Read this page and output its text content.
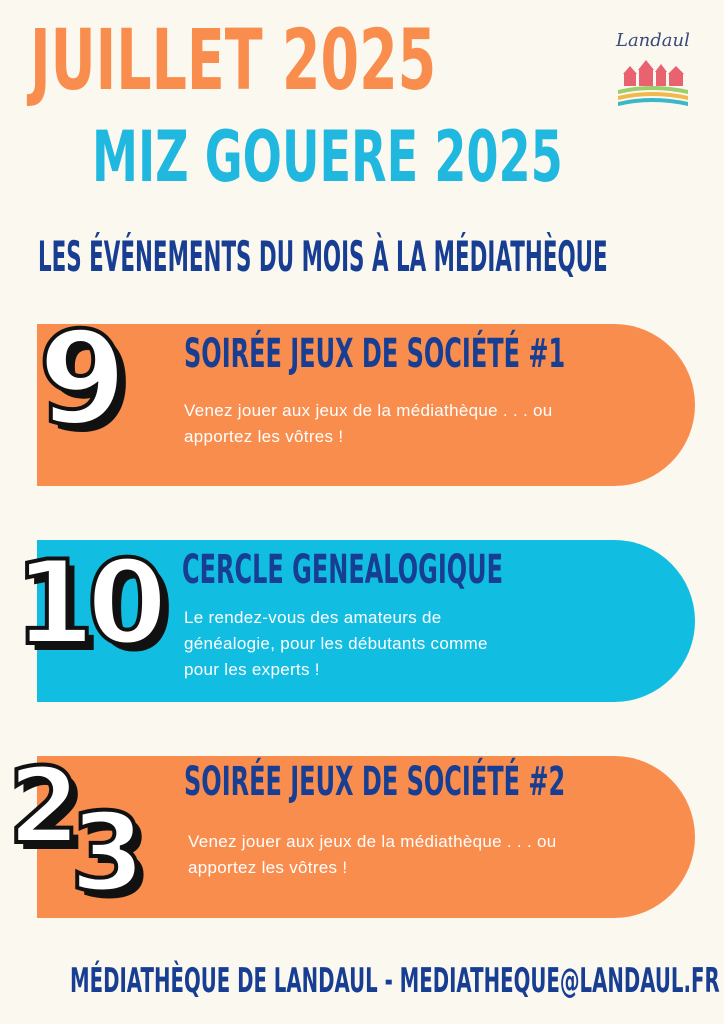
JUILLET 2025
MIZ GOUERE 2025
LES ÉVÉNEMENTS DU MOIS À LA MÉDIATHÈQUE
Landaul
9 SOIRÉE JEUX DE SOCIÉTÉ #1
Venez jouer aux jeux de la médiathèque . . . ou
apportez les vôtres !
10 CERCLE GENEALOGIQUE
Le rendez-vous des amateurs de
généalogie, pour les débutants comme
pour les experts !
2
3
SOIRÉE JEUX DE SOCIÉTÉ #2
Venez jouer aux jeux de la médiathèque . . . ou
apportez les vôtres !
MÉDIATHÈQUE DE LANDAUL - MEDIATHEQUE@LANDAUL.FR
